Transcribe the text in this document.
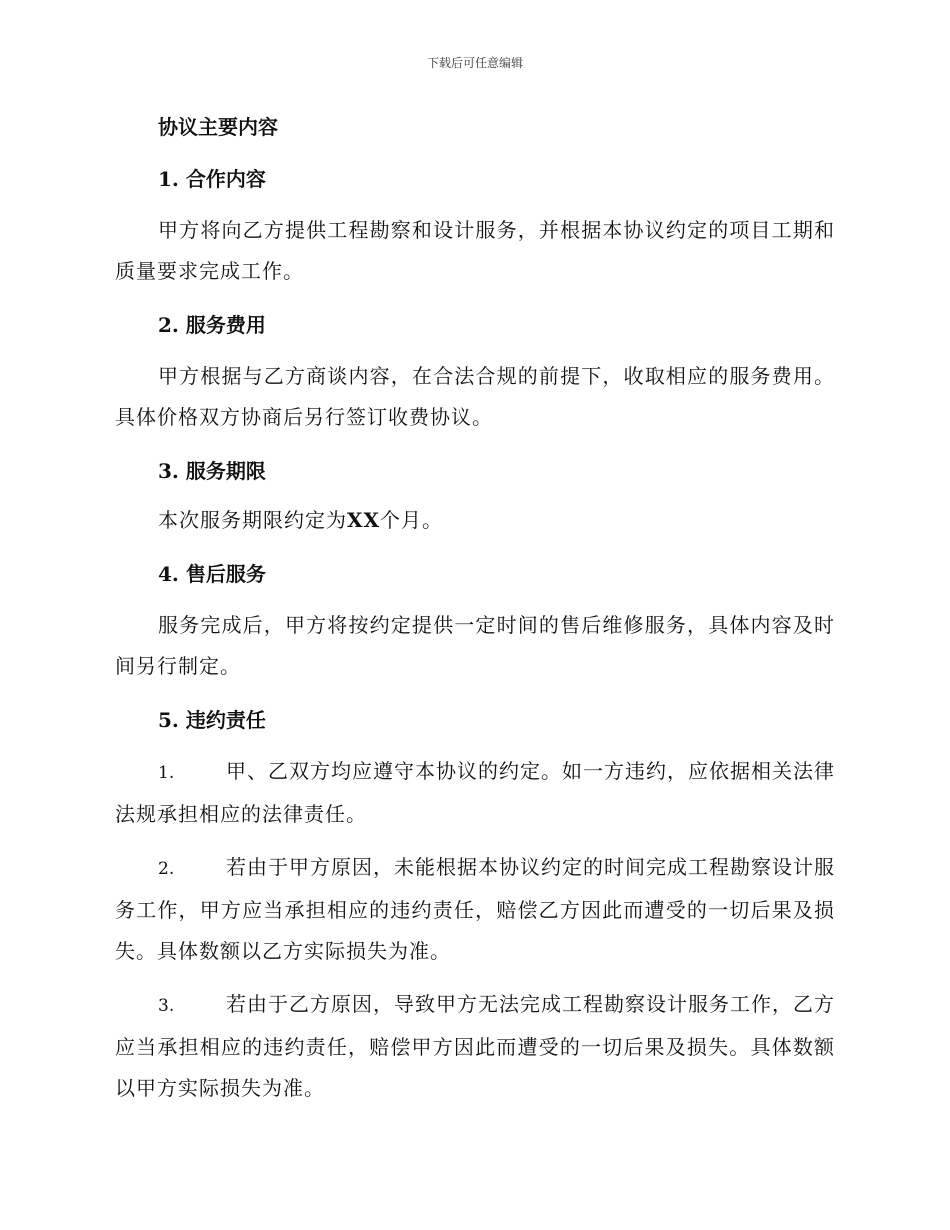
下载后可任意编辑
协议主要内容
1. 合作内容

甲方将向乙方提供工程勘察和设计服务，并根据本协议约定的项目工期和质量要求完成工作。

2. 服务费用

甲方根据与乙方商谈内容，在合法合规的前提下，收取相应的服务费用。具体价格双方协商后另行签订收费协议。

3. 服务期限

本次服务期限约定为XX个月。

4. 售后服务

服务完成后，甲方将按约定提供一定时间的售后维修服务，具体内容及时间另行制定。

5. 违约责任

1.	甲、乙双方均应遵守本协议的约定。如一方违约，应依据相关法律法规承担相应的法律责任。

2.	若由于甲方原因，未能根据本协议约定的时间完成工程勘察设计服务工作，甲方应当承担相应的违约责任，赔偿乙方因此而遭受的一切后果及损失。具体数额以乙方实际损失为准。

3.	若由于乙方原因，导致甲方无法完成工程勘察设计服务工作，乙方应当承担相应的违约责任，赔偿甲方因此而遭受的一切后果及损失。具体数额以甲方实际损失为准。
